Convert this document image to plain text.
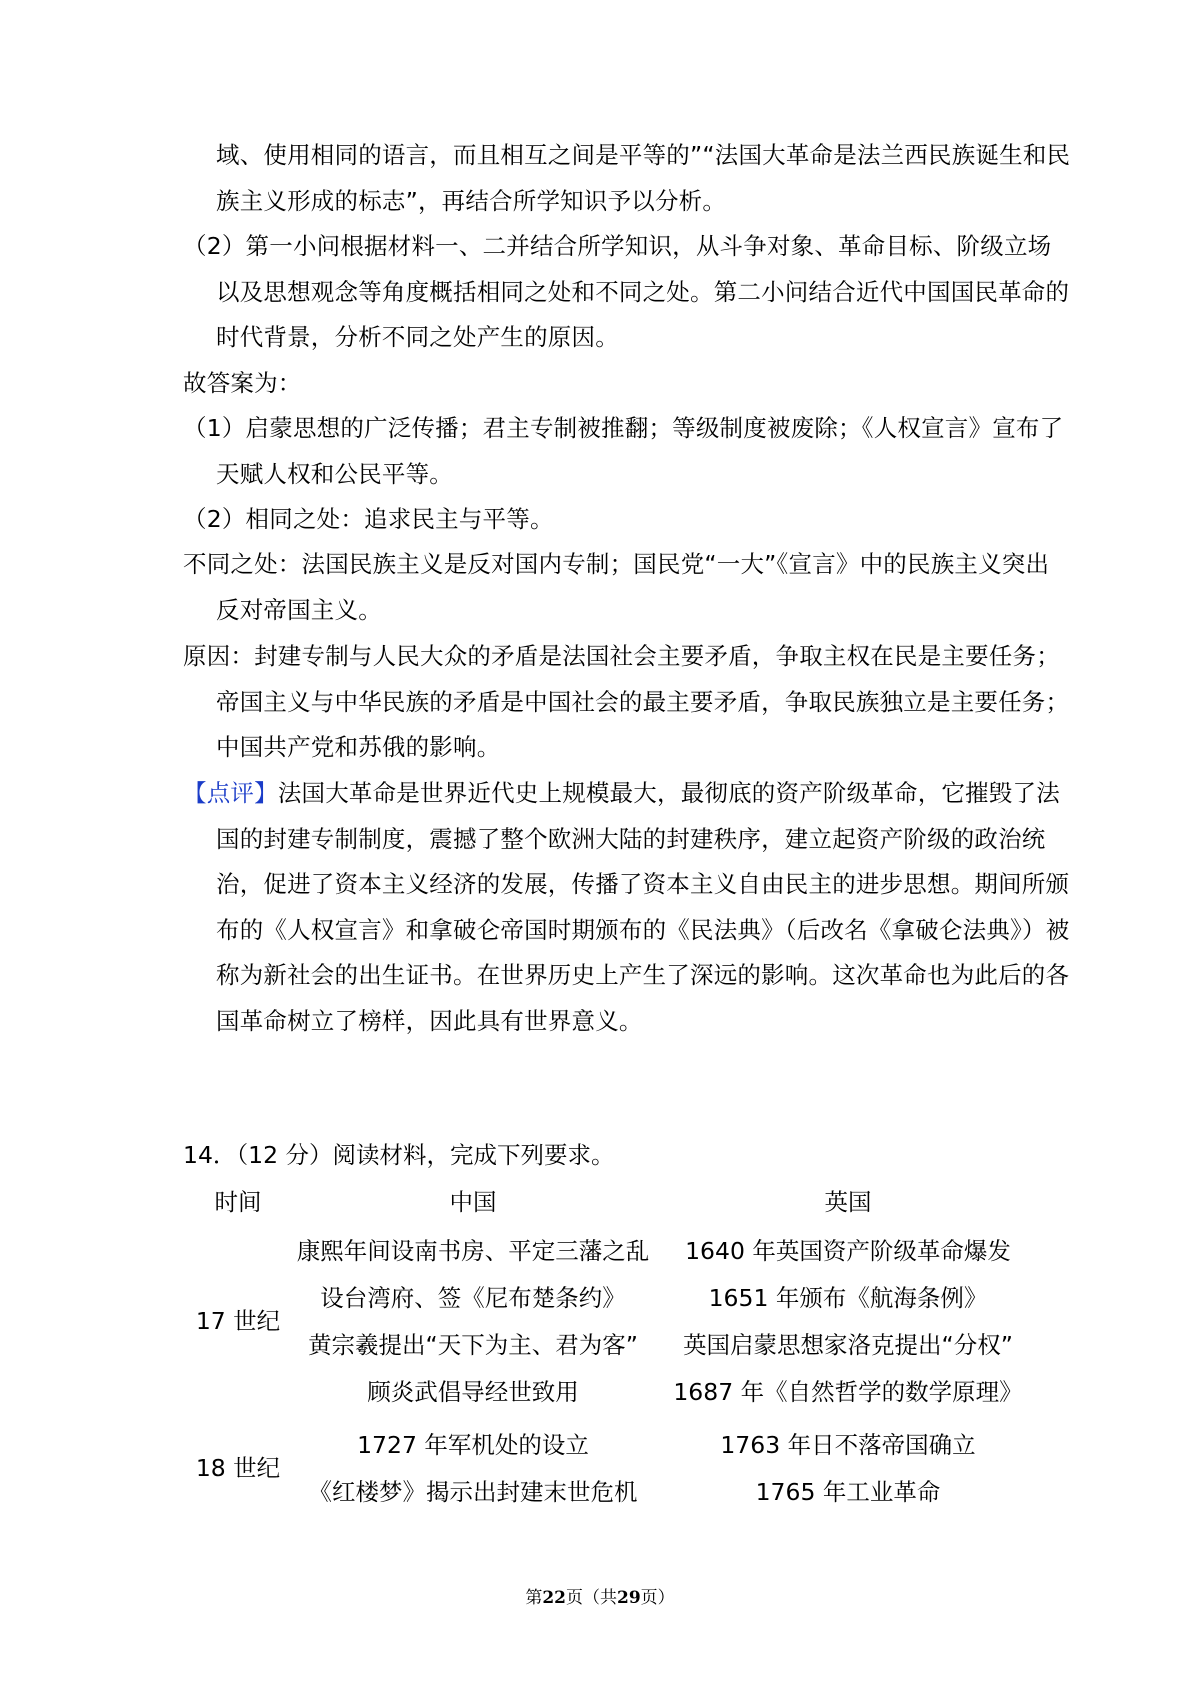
域、使用相同的语言，而且相互之间是平等的”“法国大革命是法兰西民族诞生和民族主义形成的标志”，再结合所学知识予以分析。

（2）第一小问根据材料一、二并结合所学知识，从斗争对象、革命目标、阶级立场以及思想观念等角度概括相同之处和不同之处。第二小问结合近代中国国民革命的时代背景，分析不同之处产生的原因。

故答案为：

（1）启蒙思想的广泛传播；君主专制被推翻；等级制度被废除；《人权宣言》宣布了天赋人权和公民平等。

（2）相同之处：追求民主与平等。

不同之处：法国民族主义是反对国内专制；国民党“一大”《宣言》中的民族主义突出反对帝国主义。

原因：封建专制与人民大众的矛盾是法国社会主要矛盾，争取主权在民是主要任务；帝国主义与中华民族的矛盾是中国社会的最主要矛盾，争取民族独立是主要任务；中国共产党和苏俄的影响。

【点评】法国大革命是世界近代史上规模最大，最彻底的资产阶级革命，它摧毁了法国的封建专制制度，震撼了整个欧洲大陆的封建秩序，建立起资产阶级的政治统治，促进了资本主义经济的发展，传播了资本主义自由民主的进步思想。期间所颁布的《人权宣言》和拿破仑帝国时期颁布的《民法典》（后改名《拿破仑法典》）被称为新社会的出生证书。在世界历史上产生了深远的影响。这次革命也为此后的各国革命树立了榜样，因此具有世界意义。

14．（12 分）阅读材料，完成下列要求。

时间	中国	英国
17 世纪	康熙年间设南书房、平定三藩之乱	1640 年英国资产阶级革命爆发
	设台湾府、签《尼布楚条约》	1651 年颁布《航海条例》
	黄宗羲提出“天下为主、君为客”	英国启蒙思想家洛克提出“分权”
	顾炎武倡导经世致用	1687 年《自然哲学的数学原理》

18 世纪	1727 年军机处的设立	1763 年日不落帝国确立
	《红楼梦》揭示出封建末世危机	1765 年工业革命
第22页（共29页）
